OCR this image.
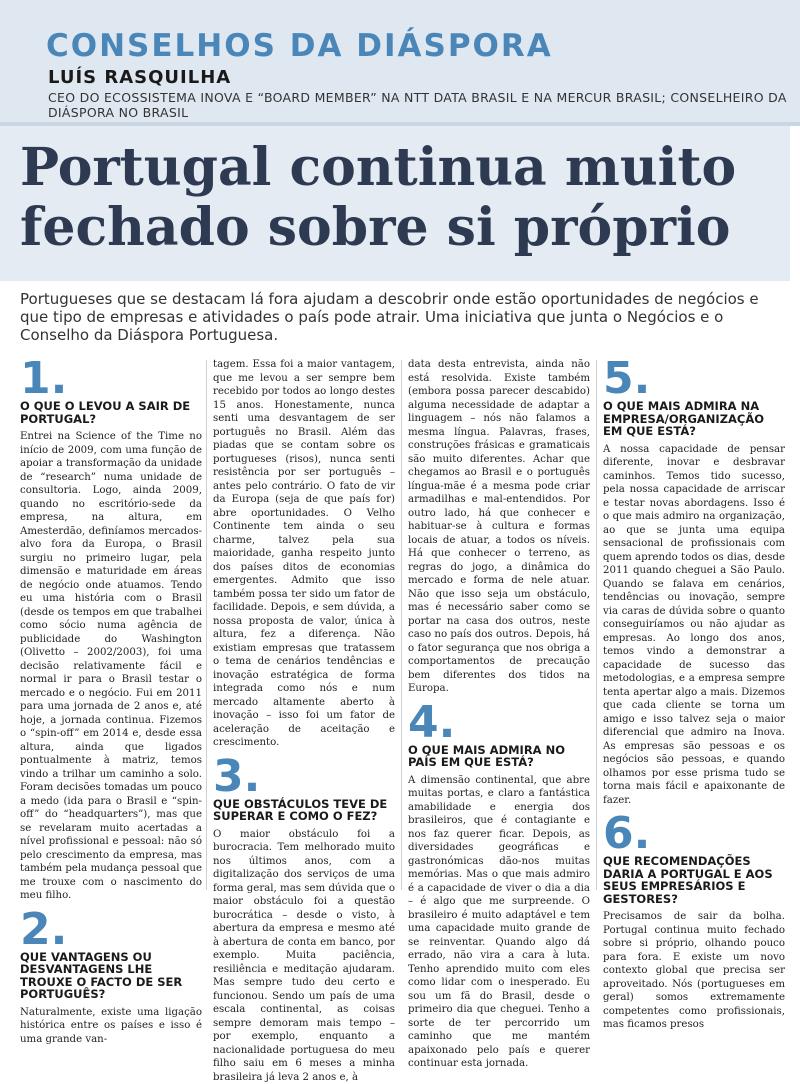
CONSELHOS DA DIÁSPORA
LUÍS RASQUILHA
CEO DO ECOSSISTEMA INOVA E “BOARD MEMBER” NA NTT DATA BRASIL E NA MERCUR BRASIL; CONSELHEIRO DA DIÁSPORA NO BRASIL
Portugal continua muito fechado sobre si próprio

Portugueses que se destacam lá fora ajudam a descobrir onde estão oportunidades de negócios e que tipo de empresas e atividades o país pode atrair. Uma iniciativa que junta o Negócios e o Conselho da Diáspora Portuguesa.

1.
O QUE O LEVOU A SAIR DE PORTUGAL?

Entrei na Science of the Time no início de 2009, com uma função de apoiar a transformação da unidade de “research” numa unidade de consultoria. Logo, ainda 2009, quando no escritório-sede da empresa, na altura, em Amesterdão, definíamos mercados-alvo fora da Europa, o Brasil surgiu no primeiro lugar, pela dimensão e maturidade em áreas de negócio onde atuamos. Tendo eu uma história com o Brasil (desde os tempos em que trabalhei como sócio numa agência de publicidade do Washington (Olivetto – 2002/2003), foi uma decisão relativamente fácil e normal ir para o Brasil testar o mercado e o negócio. Fui em 2011 para uma jornada de 2 anos e, até hoje, a jornada continua. Fizemos o “spin-off” em 2014 e, desde essa altura, ainda que ligados pontualmente à matriz, temos vindo a trilhar um caminho a solo. Foram decisões tomadas um pouco a medo (ida para o Brasil e “spin-off” do “headquarters”), mas que se revelaram muito acertadas a nível profissional e pessoal: não só pelo crescimento da empresa, mas também pela mudança pessoal que me trouxe com o nascimento do meu filho.

2.
QUE VANTAGENS OU DESVANTAGENS LHE TROUXE O FACTO DE SER PORTUGUÊS?

Naturalmente, existe uma ligação histórica entre os países e isso é uma grande van-

tagem. Essa foi a maior vantagem, que me levou a ser sempre bem recebido por todos ao longo destes 15 anos. Honestamente, nunca senti uma desvantagem de ser português no Brasil. Além das piadas que se contam sobre os portugueses (risos), nunca senti resistência por ser português – antes pelo contrário. O fato de vir da Europa (seja de que país for) abre oportunidades. O Velho Continente tem ainda o seu charme, talvez pela sua maioridade, ganha respeito junto dos países ditos de economias emergentes. Admito que isso também possa ter sido um fator de facilidade. Depois, e sem dúvida, a nossa proposta de valor, única à altura, fez a diferença. Não existiam empresas que tratassem o tema de cenários tendências e inovação estratégica de forma integrada como nós e num mercado altamente aberto à inovação – isso foi um fator de aceleração de aceitação e crescimento.

3.
QUE OBSTÁCULOS TEVE DE SUPERAR E COMO O FEZ?

O maior obstáculo foi a burocracia. Tem melhorado muito nos últimos anos, com a digitalização dos serviços de uma forma geral, mas sem dúvida que o maior obstáculo foi a questão burocrática – desde o visto, à abertura da empresa e mesmo até à abertura de conta em banco, por exemplo. Muita paciência, resiliência e meditação ajudaram. Mas sempre tudo deu certo e funcionou. Sendo um país de uma escala continental, as coisas sempre demoram mais tempo – por exemplo, enquanto a nacionalidade portuguesa do meu filho saiu em 6 meses a minha brasileira já leva 2 anos e, à

data desta entrevista, ainda não está resolvida. Existe também (embora possa parecer descabido) alguma necessidade de adaptar a linguagem – nós não falamos a mesma língua. Palavras, frases, construções frásicas e gramaticais são muito diferentes. Achar que chegamos ao Brasil e o português língua-mãe é a mesma pode criar armadilhas e mal-entendidos. Por outro lado, há que conhecer e habituar-se à cultura e formas locais de atuar, a todos os níveis. Há que conhecer o terreno, as regras do jogo, a dinâmica do mercado e forma de nele atuar. Não que isso seja um obstáculo, mas é necessário saber como se portar na casa dos outros, neste caso no país dos outros. Depois, há o fator segurança que nos obriga a comportamentos de precaução bem diferentes dos tidos na Europa.

4.
O QUE MAIS ADMIRA NO PAÍS EM QUE ESTÁ?

A dimensão continental, que abre muitas portas, e claro a fantástica amabilidade e energia dos brasileiros, que é contagiante e nos faz querer ficar. Depois, as diversidades geográficas e gastronómicas dão-nos muitas memórias. Mas o que mais admiro é a capacidade de viver o dia a dia – é algo que me surpreende. O brasileiro é muito adaptável e tem uma capacidade muito grande de se reinventar. Quando algo dá errado, não vira a cara à luta. Tenho aprendido muito com eles como lidar com o inesperado. Eu sou um fã do Brasil, desde o primeiro dia que cheguei. Tenho a sorte de ter percorrido um caminho que me mantém apaixonado pelo país e querer continuar esta jornada.

5.
O QUE MAIS ADMIRA NA EMPRESA/ORGANIZAÇÃO EM QUE ESTÁ?

A nossa capacidade de pensar diferente, inovar e desbravar caminhos. Temos tido sucesso, pela nossa capacidade de arriscar e testar novas abordagens. Isso é o que mais admiro na organização, ao que se junta uma equipa sensacional de profissionais com quem aprendo todos os dias, desde 2011 quando cheguei a São Paulo. Quando se falava em cenários, tendências ou inovação, sempre via caras de dúvida sobre o quanto conseguiríamos ou não ajudar as empresas. Ao longo dos anos, temos vindo a demonstrar a capacidade de sucesso das metodologias, e a empresa sempre tenta apertar algo a mais. Dizemos que cada cliente se torna um amigo e isso talvez seja o maior diferencial que admiro na Inova. As empresas são pessoas e os negócios são pessoas, e quando olhamos por esse prisma tudo se torna mais fácil e apaixonante de fazer.

6.
QUE RECOMENDAÇÕES DARIA A PORTUGAL E AOS SEUS EMPRESÁRIOS E GESTORES?

Precisamos de sair da bolha. Portugal continua muito fechado sobre si próprio, olhando pouco para fora. E existe um novo contexto global que precisa ser aproveitado. Nós (portugueses em geral) somos extremamente competentes como profissionais, mas ficamos presos
